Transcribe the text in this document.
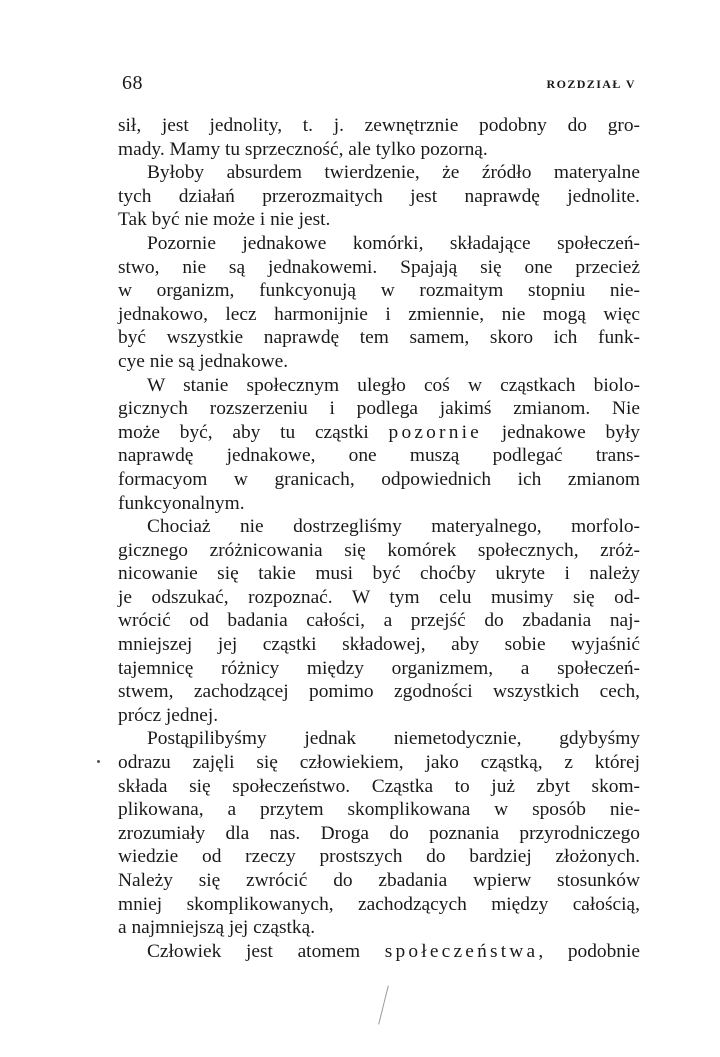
68	ROZDZIAŁ V
sił, jest jednolity, t. j. zewnętrznie podobny do gro-
mady. Mamy tu sprzeczność, ale tylko pozorną.
Byłoby absurdem twierdzenie, że źródło materyalne
tych działań przerozmaitych jest naprawdę jednolite.
Tak być nie może i nie jest.
Pozornie jednakowe komórki, składające społeczeń-
stwo, nie są jednakowemi. Spajają się one przecież
w organizm, funkcyonują w rozmaitym stopniu nie-
jednakowo, lecz harmonijnie i zmiennie, nie mogą więc
być wszystkie naprawdę tem samem, skoro ich funk-
cye nie są jednakowe.
W stanie społecznym uległo coś w cząstkach biolo-
gicznych rozszerzeniu i podlega jakimś zmianom. Nie
może być, aby tu cząstki pozornie jednakowe były
naprawdę jednakowe, one muszą podlegać trans-
formacyom w granicach, odpowiednich ich zmianom
funkcyonalnym.
Chociaż nie dostrzegliśmy materyalnego, morfolo-
gicznego zróżnicowania się komórek społecznych, zróż-
nicowanie się takie musi być choćby ukryte i należy
je odszukać, rozpoznać. W tym celu musimy się od-
wrócić od badania całości, a przejść do zbadania naj-
mniejszej jej cząstki składowej, aby sobie wyjaśnić
tajemnicę różnicy między organizmem, a społeczeń-
stwem, zachodzącej pomimo zgodności wszystkich cech,
prócz jednej.
Postąpilibyśmy jednak niemetodycznie, gdybyśmy
odrazu zajęli się człowiekiem, jako cząstką, z której
składa się społeczeństwo. Cząstka to już zbyt skom-
plikowana, a przytem skomplikowana w sposób nie-
zrozumiały dla nas. Droga do poznania przyrodniczego
wiedzie od rzeczy prostszych do bardziej złożonych.
Należy się zwrócić do zbadania wpierw stosunków
mniej skomplikowanych, zachodzących między całością,
a najmniejszą jej cząstką.
Człowiek jest atomem społeczeństwa, podobnie
